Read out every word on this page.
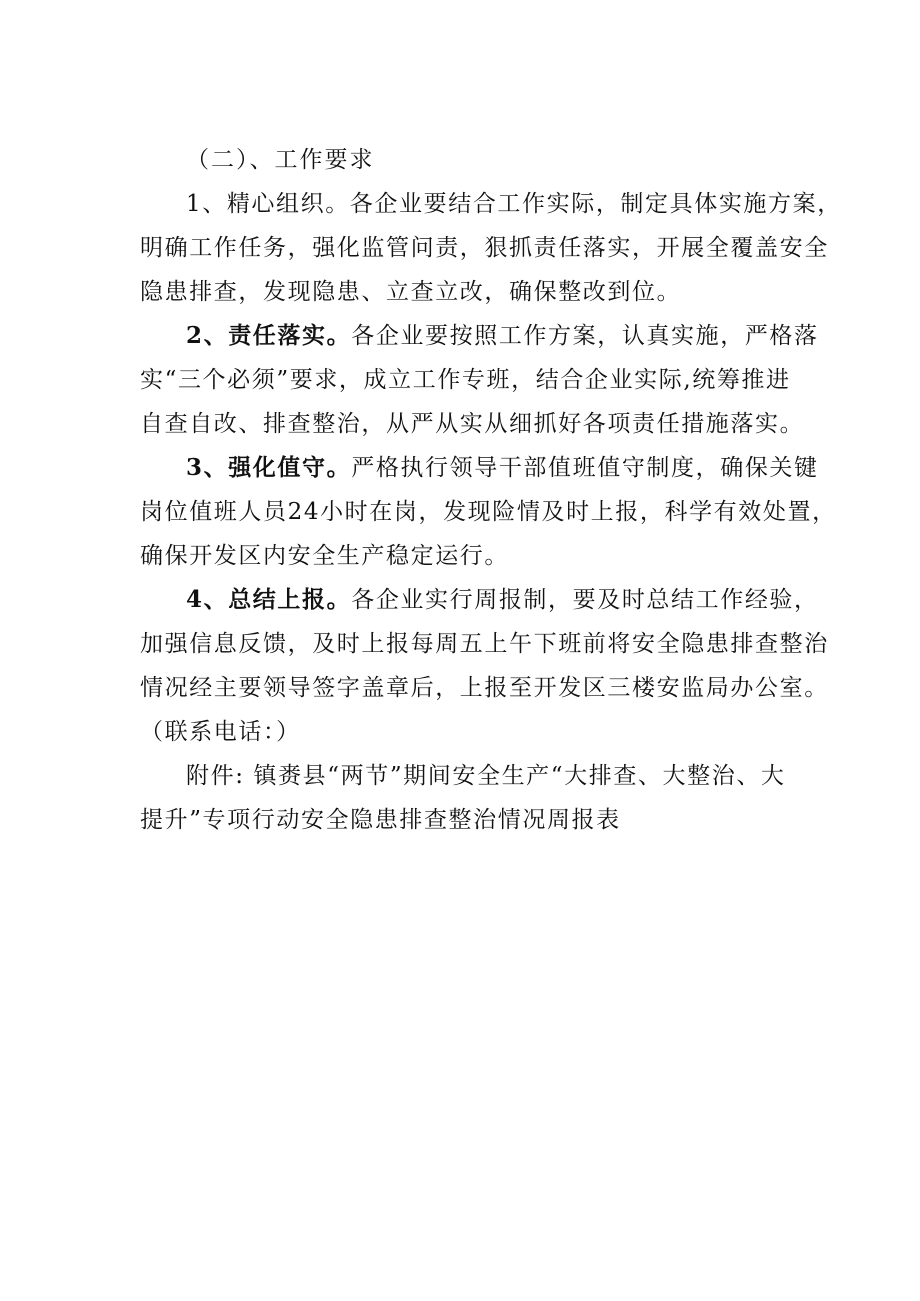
（二）、工作要求
1、精心组织。各企业要结合工作实际，制定具体实施方案，
明确工作任务，强化监管问责，狠抓责任落实，开展全覆盖安全
隐患排查，发现隐患、立查立改，确保整改到位。
2、责任落实。各企业要按照工作方案，认真实施，严格落
实“三个必须”要求，成立工作专班，结合企业实际,统筹推进
自查自改、排查整治，从严从实从细抓好各项责任措施落实。
3、强化值守。严格执行领导干部值班值守制度，确保关键
岗位值班人员24小时在岗，发现险情及时上报，科学有效处置，
确保开发区内安全生产稳定运行。
4、总结上报。各企业实行周报制，要及时总结工作经验，
加强信息反馈，及时上报每周五上午下班前将安全隐患排查整治
情况经主要领导签字盖章后，上报至开发区三楼安监局办公室。
（联系电话：）
附件: 镇赉县“两节”期间安全生产“大排查、大整治、大
提升”专项行动安全隐患排查整治情况周报表
